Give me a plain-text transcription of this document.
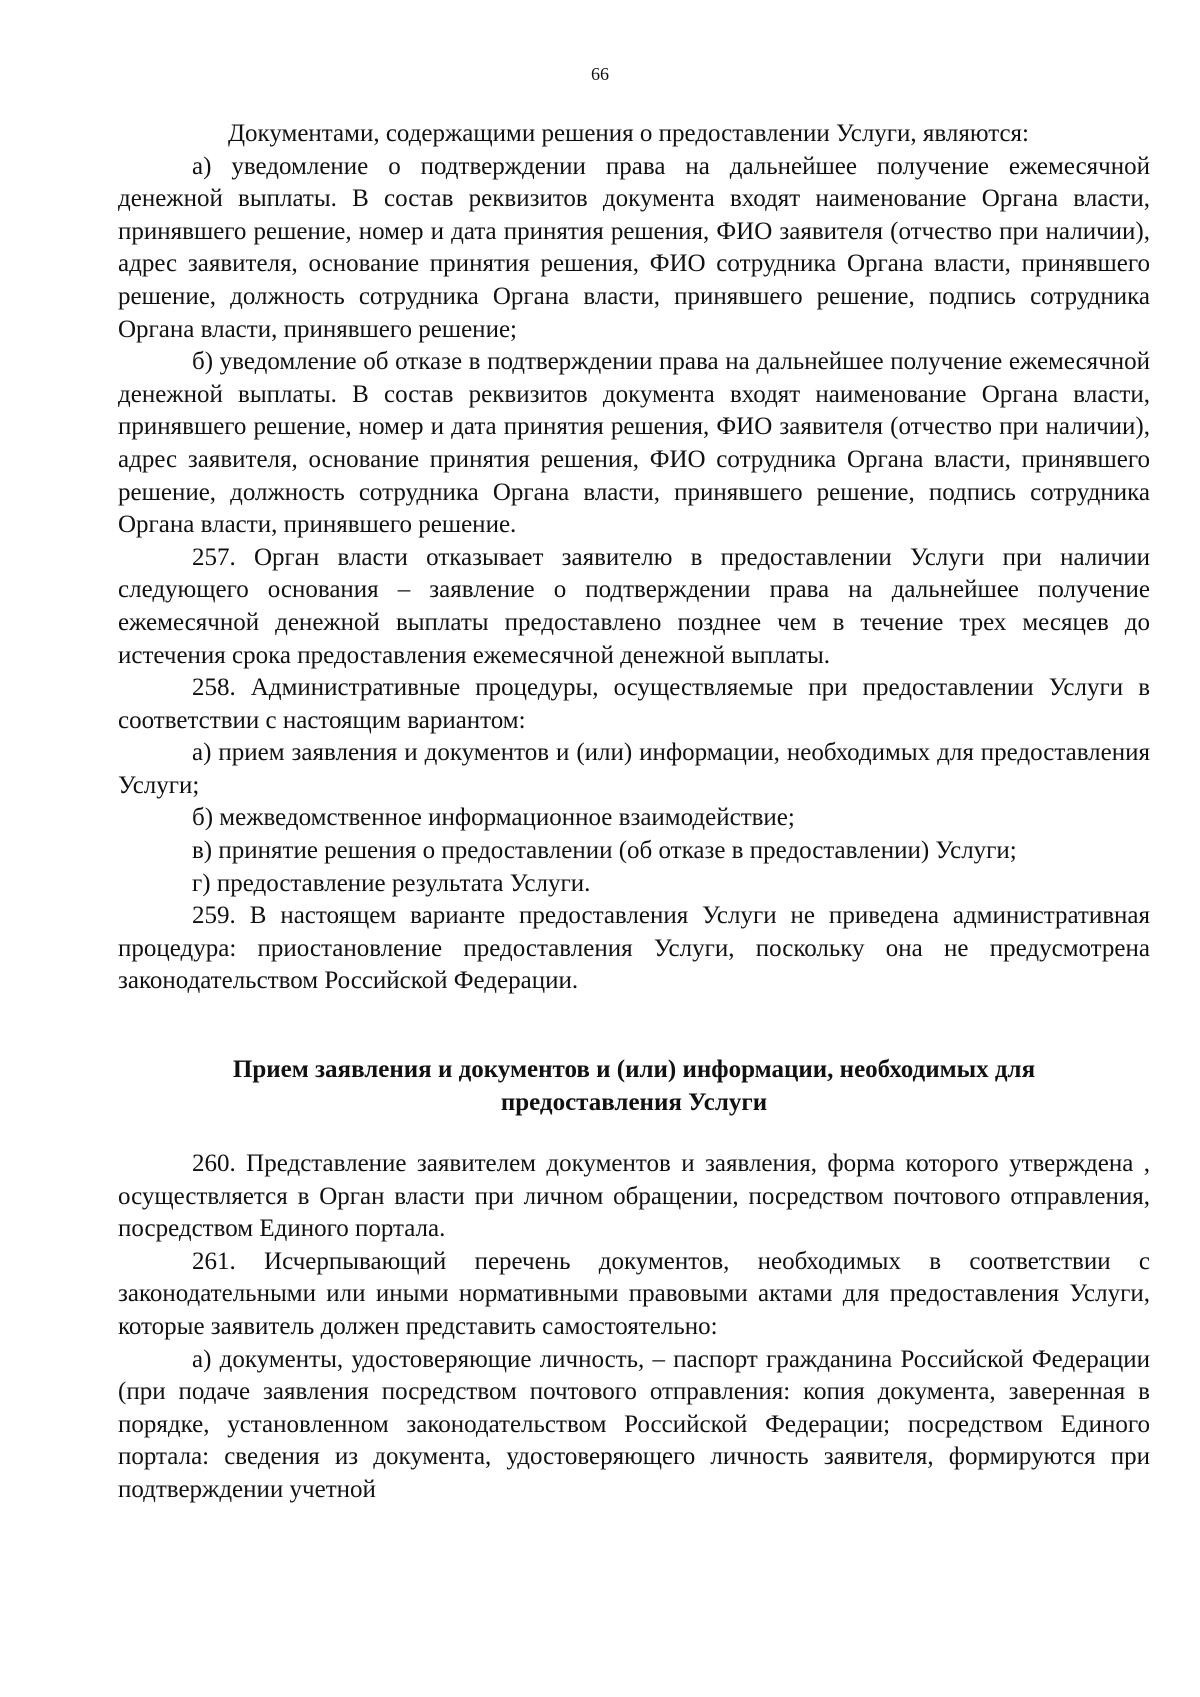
66

Документами, содержащими решения о предоставлении Услуги, являются:

а) уведомление о подтверждении права на дальнейшее получение ежемесячной денежной выплаты. В состав реквизитов документа входят наименование Органа власти, принявшего решение, номер и дата принятия решения, ФИО заявителя (отчество при наличии), адрес заявителя, основание принятия решения, ФИО сотрудника Органа власти, принявшего решение, должность сотрудника Органа власти, принявшего решение, подпись сотрудника Органа власти, принявшего решение;

б) уведомление об отказе в подтверждении права на дальнейшее получение ежемесячной денежной выплаты. В состав реквизитов документа входят наименование Органа власти, принявшего решение, номер и дата принятия решения, ФИО заявителя (отчество при наличии), адрес заявителя, основание принятия решения, ФИО сотрудника Органа власти, принявшего решение, должность сотрудника Органа власти, принявшего решение, подпись сотрудника Органа власти, принявшего решение.

257. Орган власти отказывает заявителю в предоставлении Услуги при наличии следующего основания – заявление о подтверждении права на дальнейшее получение ежемесячной денежной выплаты предоставлено позднее чем в течение трех месяцев до истечения срока предоставления ежемесячной денежной выплаты.

258. Административные процедуры, осуществляемые при предоставлении Услуги в соответствии с настоящим вариантом:

а) прием заявления и документов и (или) информации, необходимых для предоставления Услуги;

б) межведомственное информационное взаимодействие;

в) принятие решения о предоставлении (об отказе в предоставлении) Услуги;

г) предоставление результата Услуги.

259. В настоящем варианте предоставления Услуги не приведена административная процедура: приостановление предоставления Услуги, поскольку она не предусмотрена законодательством Российской Федерации.

Прием заявления и документов и (или) информации, необходимых для
предоставления Услуги

260. Представление заявителем документов и заявления, форма которого утверждена , осуществляется в Орган власти при личном обращении, посредством почтового отправления, посредством Единого портала.

261. Исчерпывающий перечень документов, необходимых в соответствии с законодательными или иными нормативными правовыми актами для предоставления Услуги, которые заявитель должен представить самостоятельно:

а) документы, удостоверяющие личность, – паспорт гражданина Российской Федерации (при подаче заявления посредством почтового отправления: копия документа, заверенная в порядке, установленном законодательством Российской Федерации; посредством Единого портала: сведения из документа, удостоверяющего личность заявителя, формируются при подтверждении учетной
